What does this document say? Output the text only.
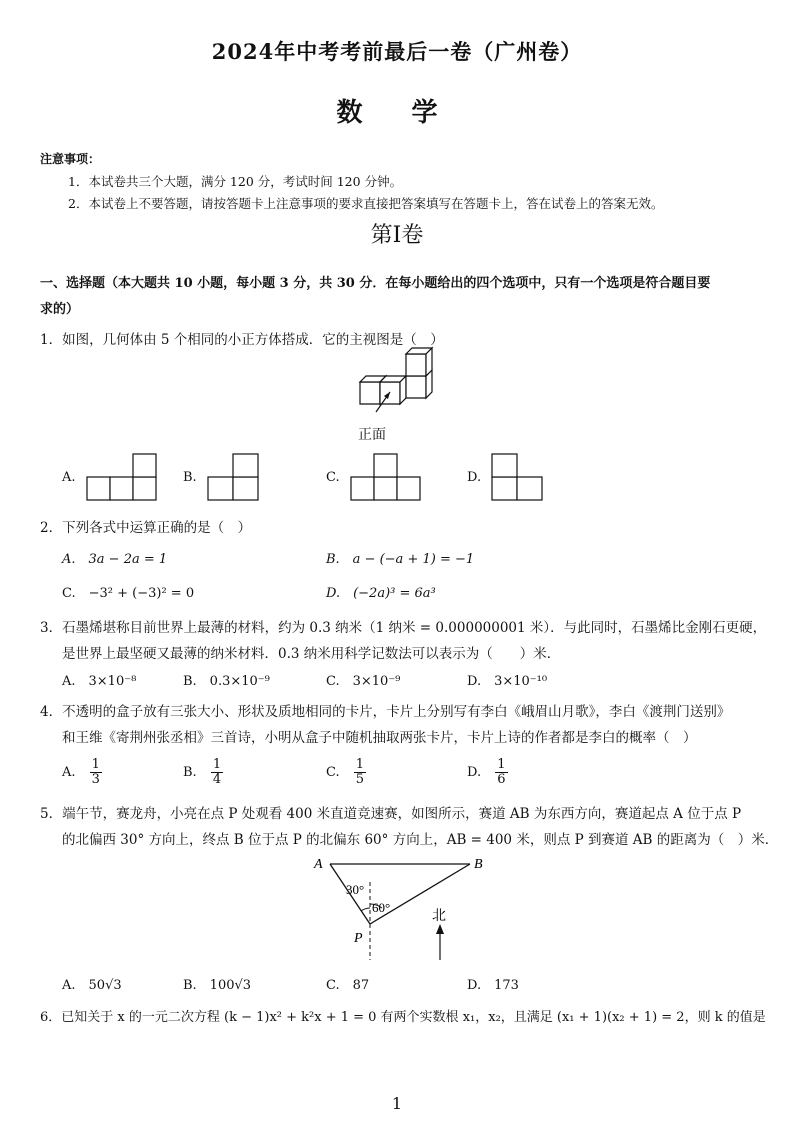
2024年中考考前最后一卷（广州卷）
数 学
注意事项：
1．本试卷共三个大题，满分 120 分，考试时间 120 分钟。
2．本试卷上不要答题，请按答题卡上注意事项的要求直接把答案填写在答题卡上，答在试卷上的答案无效。
第Ⅰ卷
一、选择题（本大题共 10 小题，每小题 3 分，共 30 分．在每小题给出的四个选项中，只有一个选项是符合题目要
求的）
1．如图，几何体由 5 个相同的小正方体搭成．它的主视图是（　）
正面
A.	B.	C.	D.
2．下列各式中运算正确的是（　）
A.　3a − 2a = 1	B.　a − (−a + 1) = −1
C.　−3² + (−3)² = 0	D.　(−2a)³ = 6a³
3．石墨烯堪称目前世界上最薄的材料，约为 0.3 纳米（1 纳米 = 0.000000001 米）．与此同时，石墨烯比金刚石更硬，
是世界上最坚硬又最薄的纳米材料．0.3 纳米用科学记数法可以表示为（　　）米．
A.　3×10⁻⁸	B.　0.3×10⁻⁹	C.　3×10⁻⁹	D.　3×10⁻¹⁰
4．不透明的盒子放有三张大小、形状及质地相同的卡片，卡片上分别写有李白《峨眉山月歌》，李白《渡荆门送别》
和王维《寄荆州张丞相》三首诗，小明从盒子中随机抽取两张卡片，卡片上诗的作者都是李白的概率（　）
A. $\frac{1}{3}$	B. $\frac{1}{4}$	C. $\frac{1}{5}$	D. $\frac{1}{6}$
5．端午节，赛龙舟，小亮在点 P 处观看 400 米直道竞速赛，如图所示，赛道 AB 为东西方向，赛道起点 A 位于点 P
的北偏西 30° 方向上，终点 B 位于点 P 的北偏东 60° 方向上，AB = 400 米，则点 P 到赛道 AB 的距离为（　）米．
A	B
P
30°
60°
北
A.　50√3	B.　100√3	C.　87	D.　173
6．已知关于 x 的一元二次方程 (k − 1)x² + k²x + 1 = 0 有两个实数根 x₁，x₂，且满足 (x₁ + 1)(x₂ + 1) = 2，则 k 的值是
1
